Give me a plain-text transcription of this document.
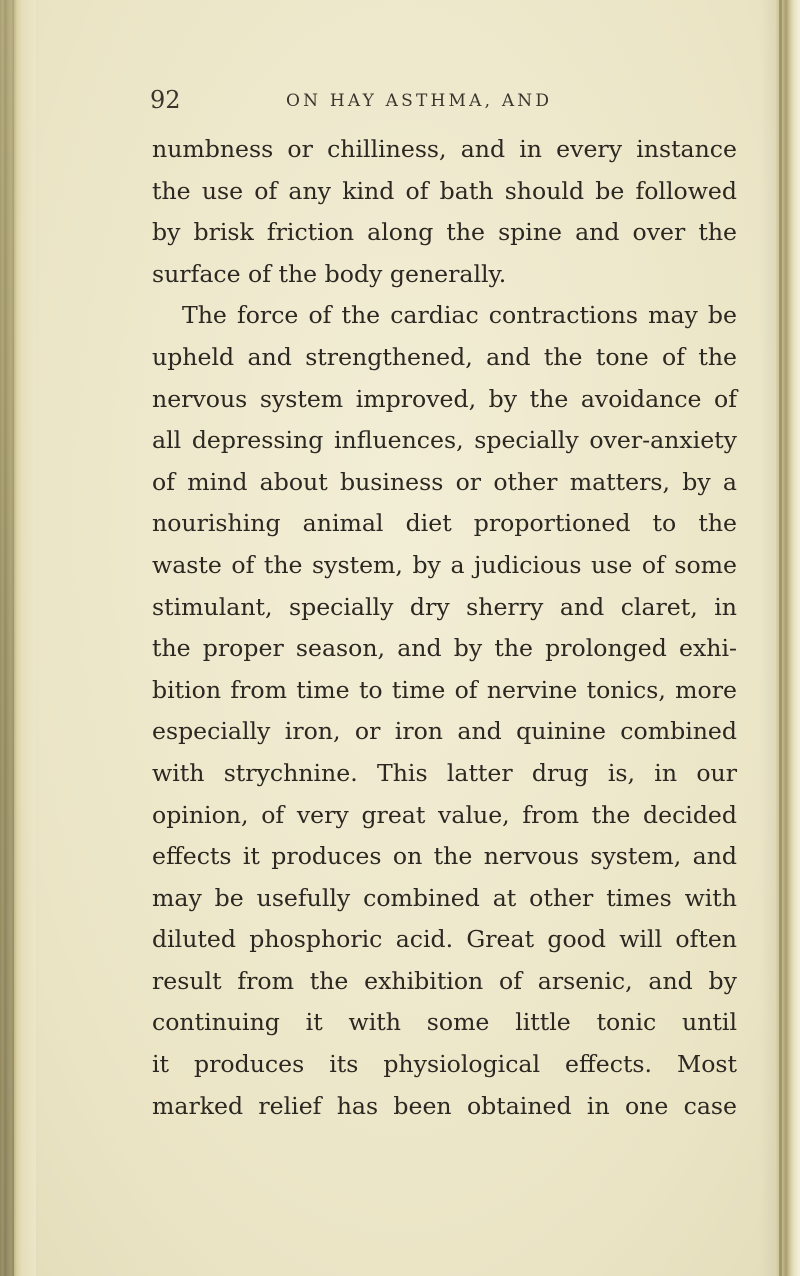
92	ON HAY ASTHMA, AND
numbness or chilliness, and in every instance
the use of any kind of bath should be followed
by brisk friction along the spine and over the
surface of the body generally.
The force of the cardiac contractions may be
upheld and strengthened, and the tone of the
nervous system improved, by the avoidance of
all depressing influences, specially over-anxiety
of mind about business or other matters, by a
nourishing animal diet proportioned to the
waste of the system, by a judicious use of some
stimulant, specially dry sherry and claret, in
the proper season, and by the prolonged exhi-
bition from time to time of nervine tonics, more
especially iron, or iron and quinine combined
with strychnine. This latter drug is, in our
opinion, of very great value, from the decided
effects it produces on the nervous system, and
may be usefully combined at other times with
diluted phosphoric acid. Great good will often
result from the exhibition of arsenic, and by
continuing it with some little tonic until
it produces its physiological effects. Most
marked relief has been obtained in one case
